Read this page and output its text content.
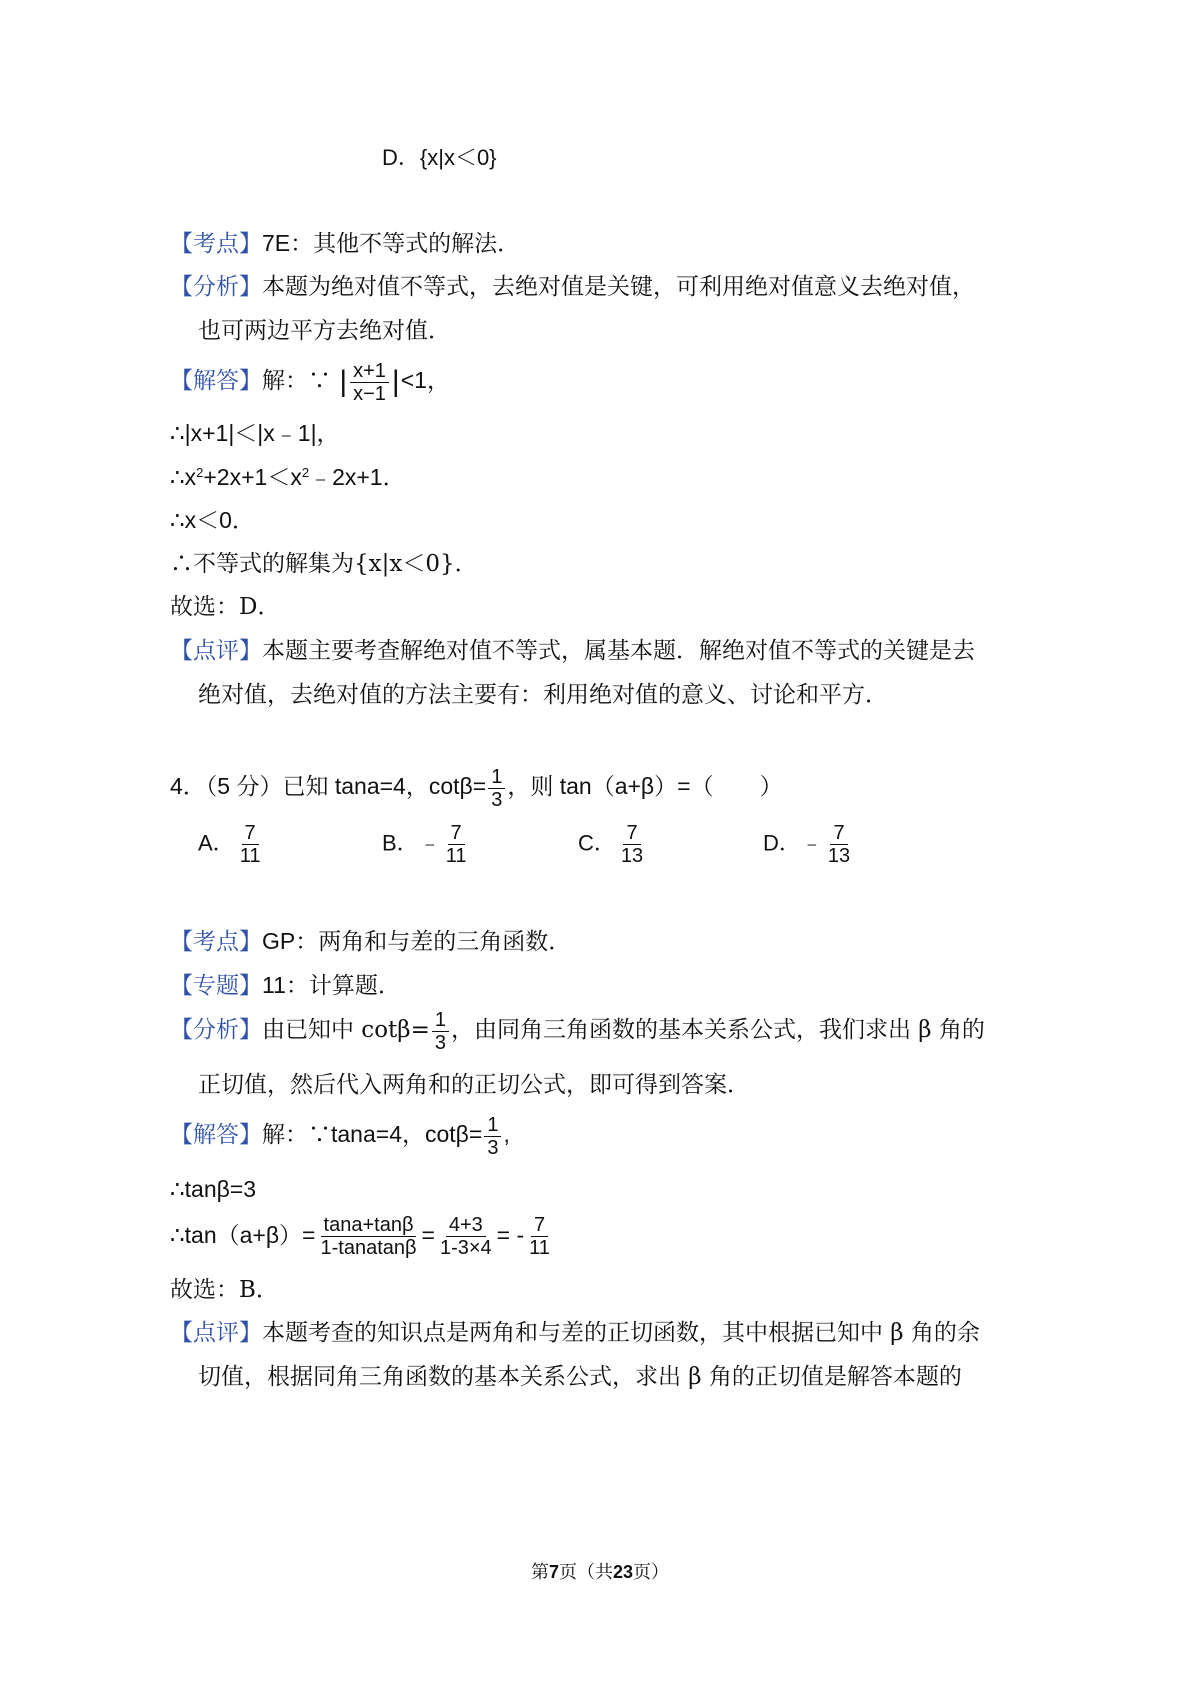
D．{x|x＜0}
【考点】7E：其他不等式的解法．
【分析】本题为绝对值不等式，去绝对值是关键，可利用绝对值意义去绝对值，
也可两边平方去绝对值．
【解答】解：∵ | $\frac{x+1}{x-1} |<1$，
∴|x+1|＜|x﹣1|，
$\therefore x^2+2x+1<x^2﹣2x+1$．
∴x＜0．
∴不等式的解集为{x|x＜0}．
故选：D．
【点评】本题主要考查解绝对值不等式，属基本题．解绝对值不等式的关键是去
绝对值，去绝对值的方法主要有：利用绝对值的意义、讨论和平方．
4．（5 分）已知 tana=4，$\cot\beta= \frac{1}{3}$ ，则 tan（a+β）=（　　）
A． $\frac{7}{11}$	B．﹣ $\frac{7}{11}$	C． $\frac{7}{13}$	D．﹣ $\frac{7}{13}$
【考点】GP：两角和与差的三角函数．
【专题】11：计算题．
【分析】由已知中 $\cot\beta= \frac{1}{3}$ ，由同角三角函数的基本关系公式，我们求出 β 角的
正切值，然后代入两角和的正切公式，即可得到答案．
【解答】解：∵tana=4，$\cot\beta= \frac{1}{3}$ ,
∴tanβ=3
∴tan（a+β）= $\frac{\tan a+\tan\beta}{\text{1-tanatanβ}} = \frac{4+3}{1-3\times 4}$ = - $\frac{7}{11}$
故选：B．
【点评】本题考查的知识点是两角和与差的正切函数，其中根据已知中 β 角的余
切值，根据同角三角函数的基本关系公式，求出 β 角的正切值是解答本题的
第7页（共23页）
